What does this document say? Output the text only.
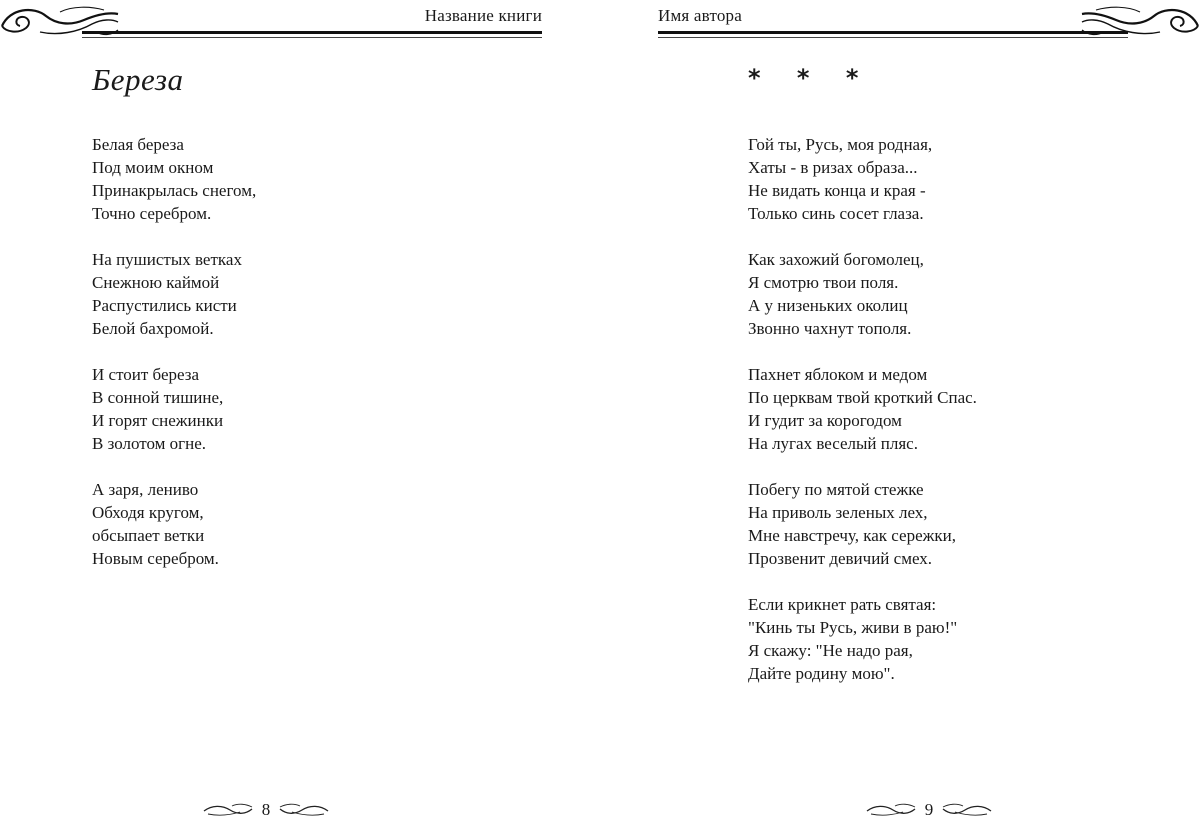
Название книги
Береза
Белая береза
Под моим окном
Принакрылась снегом,
Точно серебром.
На пушистых ветках
Снежною каймой
Распустились кисти
Белой бахромой.
И стоит береза
В сонной тишине,
И горят снежинки
В золотом огне.
А заря, лениво
Обходя кругом,
обсыпает ветки
Новым серебром.
8
Имя автора
* * *
Гой ты, Русь, моя родная,
Хаты - в ризах образа...
Не видать конца и края -
Только синь сосет глаза.
Как захожий богомолец,
Я смотрю твои поля.
А у низеньких околиц
Звонно чахнут тополя.
Пахнет яблоком и медом
По церквам твой кроткий Спас.
И гудит за корогодом
На лугах веселый пляс.
Побегу по мятой стежке
На приволь зеленых лех,
Мне навстречу, как сережки,
Прозвенит девичий смех.
Если крикнет рать святая:
"Кинь ты Русь, живи в раю!"
Я скажу: "Не надо рая,
Дайте родину мою".
9
